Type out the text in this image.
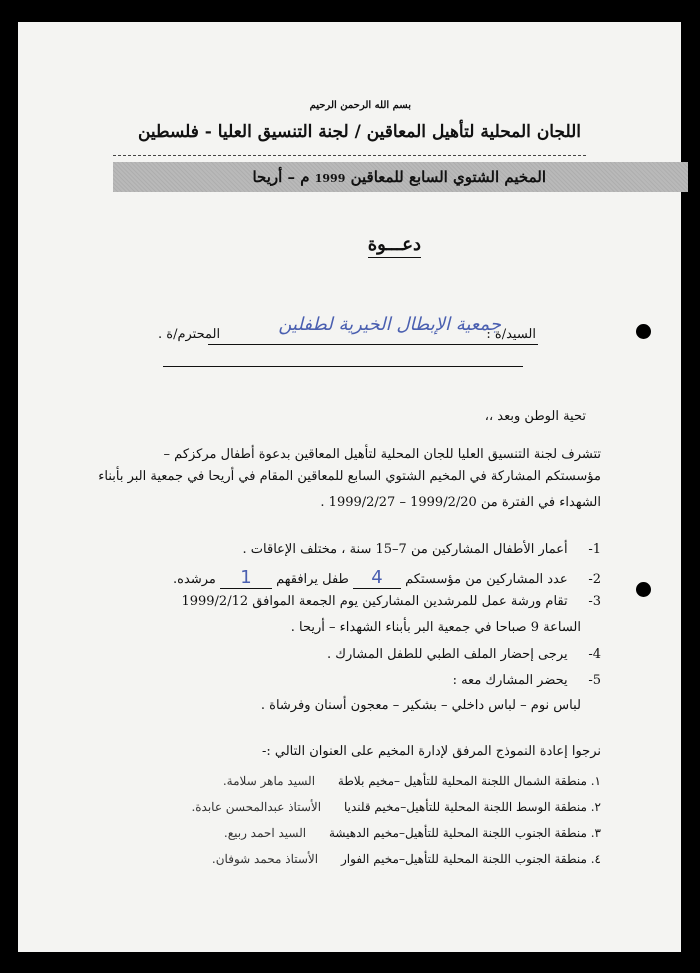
بسم الله الرحمن الرحيم
اللجان المحلية لتأهيل المعاقين / لجنة التنسيق العليا - فلسطين
المخيم الشتوي السابع للمعاقين 1999 م – أريحا
دعـــوة
السيد/ة :
جمعية الإبطال الخيرية لطفلين
المحترم/ة .
تحية الوطن وبعد ،،
تتشرف لجنة التنسيق العليا للجان المحلية لتأهيل المعاقين بدعوة أطفال مركزكم –
مؤسستكم المشاركة في المخيم الشتوي السابع للمعاقين المقام في أريحا في جمعية البر بأبناء
الشهداء في الفترة من 1999/2/20 – 1999/2/27 .
1-     أعمار الأطفال المشاركين من 7–15 سنة ، مختلف الإعاقات .
2-     عدد المشاركين من مؤسستكم 4 طفل يرافقهم 1 مرشده.
3-     تقام ورشة عمل للمرشدين المشاركين يوم الجمعة الموافق 1999/2/12
الساعة 9 صباحا في جمعية البر بأبناء الشهداء – أريحا .
4-     يرجى إحضار الملف الطبي للطفل المشارك .
5-     يحضر المشارك معه :
لباس نوم – لباس داخلي – بشكير – معجون أسنان وفرشاة .
نرجوا إعادة النموذج المرفق لإدارة المخيم على العنوان التالي :-
١. منطقة الشمال اللجنة المحلية للتأهيل –مخيم بلاطة      السيد ماهر سلامة.
٢. منطقة الوسط اللجنة المحلية للتأهيل–مخيم قلنديا      الأستاذ عبدالمحسن عابدة.
٣. منطقة الجنوب اللجنة المحلية للتأهيل–مخيم الدهيشة      السيد احمد ربيع.
٤. منطقة الجنوب اللجنة المحلية للتأهيل–مخيم الفوار      الأستاذ محمد شوفان.
